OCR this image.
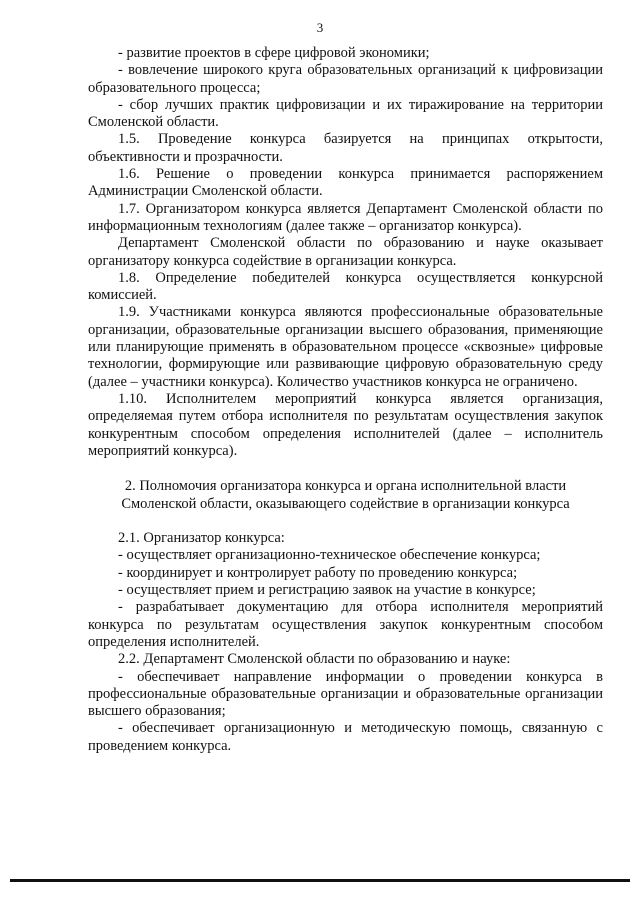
3

- развитие проектов в сфере цифровой экономики;

- вовлечение широкого круга образовательных организаций к цифровизации образовательного процесса;

- сбор лучших практик цифровизации и их тиражирование на территории Смоленской области.

1.5. Проведение конкурса базируется на принципах открытости, объективности и прозрачности.

1.6. Решение о проведении конкурса принимается распоряжением Администрации Смоленской области.

1.7. Организатором конкурса является Департамент Смоленской области по информационным технологиям (далее также – организатор конкурса).

Департамент Смоленской области по образованию и науке оказывает организатору конкурса содействие в организации конкурса.

1.8. Определение победителей конкурса осуществляется конкурсной комиссией.

1.9. Участниками конкурса являются профессиональные образовательные организации, образовательные организации высшего образования, применяющие или планирующие применять в образовательном процессе «сквозные» цифровые технологии, формирующие или развивающие цифровую образовательную среду (далее – участники конкурса). Количество участников конкурса не ограничено.

1.10. Исполнителем мероприятий конкурса является организация, определяемая путем отбора исполнителя по результатам осуществления закупок конкурентным способом определения исполнителей (далее – исполнитель мероприятий конкурса).

2. Полномочия организатора конкурса и органа исполнительной власти

Смоленской области, оказывающего содействие в организации конкурса

2.1. Организатор конкурса:

- осуществляет организационно-техническое обеспечение конкурса;

- координирует и контролирует работу по проведению конкурса;

- осуществляет прием и регистрацию заявок на участие в конкурсе;

- разрабатывает документацию для отбора исполнителя мероприятий конкурса по результатам осуществления закупок конкурентным способом определения исполнителей.

2.2. Департамент Смоленской области по образованию и науке:

- обеспечивает направление информации о проведении конкурса в профессиональные образовательные организации и образовательные организации высшего образования;

- обеспечивает организационную и методическую помощь, связанную с проведением конкурса.
